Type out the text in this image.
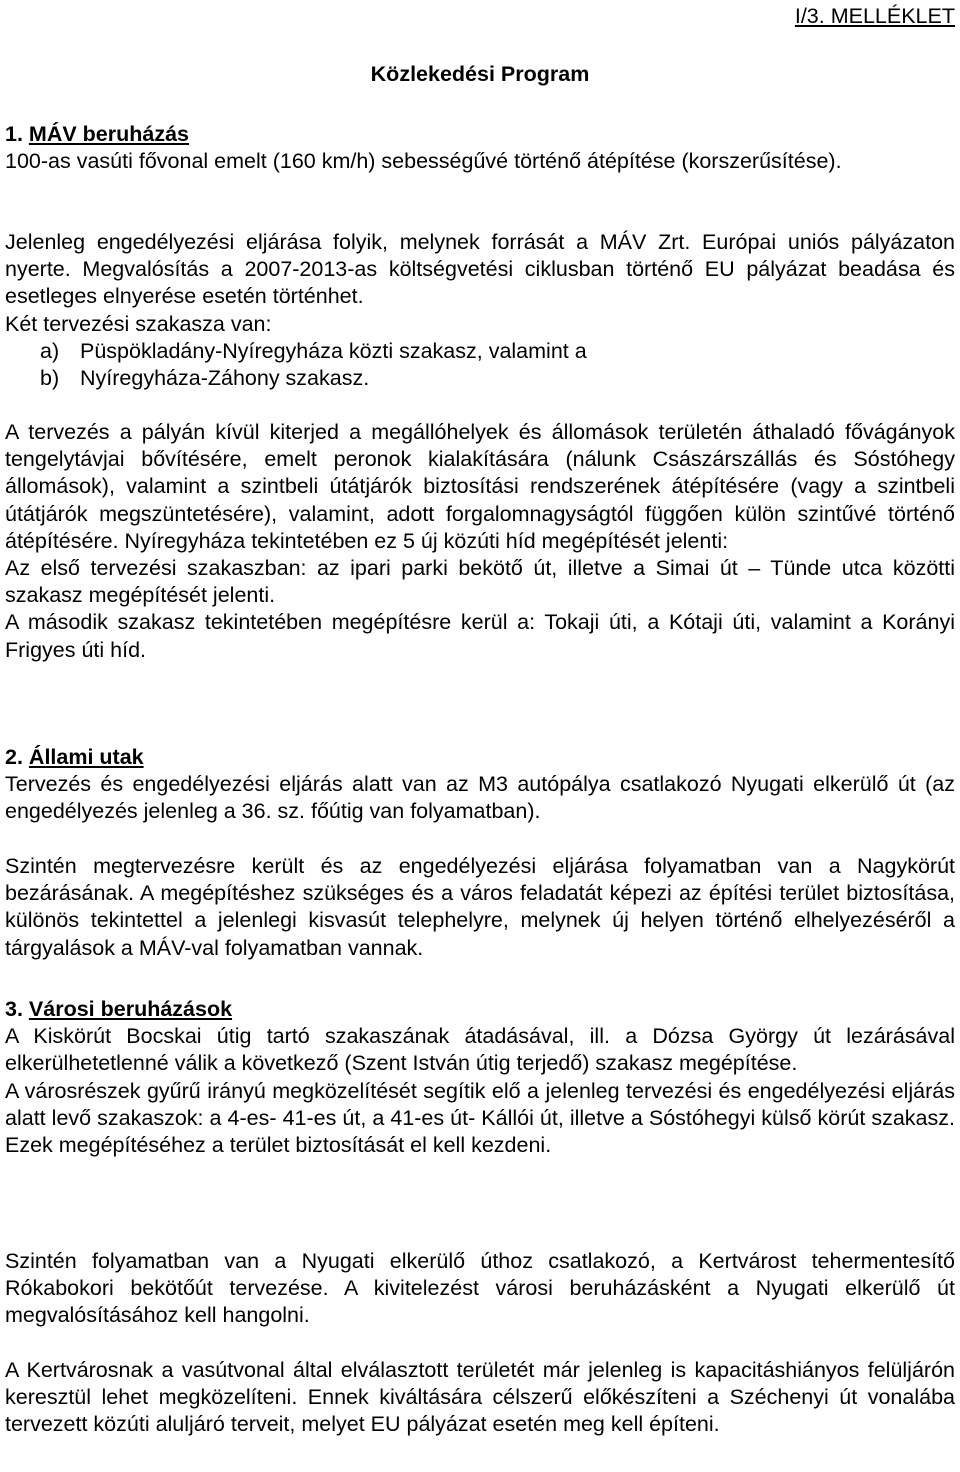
I/3. MELLÉKLET
Közlekedési Program

1. MÁV beruházás

100-as vasúti fővonal emelt (160 km/h) sebességűvé történő átépítése (korszerűsítése).

Jelenleg engedélyezési eljárása folyik, melynek forrását a MÁV Zrt. Európai uniós pályázaton nyerte. Megvalósítás a 2007-2013-as költségvetési ciklusban történő EU pályázat beadása és esetleges elnyerése esetén történhet.

Két tervezési szakasza van:

a) Püspökladány-Nyíregyháza közti szakasz, valamint a

b) Nyíregyháza-Záhony szakasz.

A tervezés a pályán kívül kiterjed a megállóhelyek és állomások területén áthaladó fővágányok tengelytávjai bővítésére, emelt peronok kialakítására (nálunk Császárszállás és Sóstóhegy állomások), valamint a szintbeli útátjárók biztosítási rendszerének átépítésére (vagy a szintbeli útátjárók megszüntetésére), valamint, adott forgalomnagyságtól függően külön szintűvé történő átépítésére. Nyíregyháza tekintetében ez 5 új közúti híd megépítését jelenti:

Az első tervezési szakaszban: az ipari parki bekötő út, illetve a Simai út – Tünde utca közötti szakasz megépítését jelenti.

A második szakasz tekintetében megépítésre kerül a: Tokaji úti, a Kótaji úti, valamint a Korányi Frigyes úti híd.

2. Állami utak

Tervezés és engedélyezési eljárás alatt van az M3 autópálya csatlakozó Nyugati elkerülő út (az engedélyezés jelenleg a 36. sz. főútig van folyamatban).

Szintén megtervezésre került és az engedélyezési eljárása folyamatban van a Nagykörút bezárásának. A megépítéshez szükséges és a város feladatát képezi az építési terület biztosítása, különös tekintettel a jelenlegi kisvasút telephelyre, melynek új helyen történő elhelyezéséről a tárgyalások a MÁV-val folyamatban vannak.

3. Városi beruházások

A Kiskörút Bocskai útig tartó szakaszának átadásával, ill. a Dózsa György út lezárásával elkerülhetetlenné válik a következő (Szent István útig terjedő) szakasz megépítése.

A városrészek gyűrű irányú megközelítését segítik elő a jelenleg tervezési és engedélyezési eljárás alatt levő szakaszok: a 4-es- 41-es út, a 41-es út- Kállói út, illetve a Sóstóhegyi külső körút szakasz. Ezek megépítéséhez a terület biztosítását el kell kezdeni.

Szintén folyamatban van a Nyugati elkerülő úthoz csatlakozó, a Kertvárost tehermentesítő Rókabokori bekötőút tervezése. A kivitelezést városi beruházásként a Nyugati elkerülő út megvalósításához kell hangolni.

A Kertvárosnak a vasútvonal által elválasztott területét már jelenleg is kapacitáshiányos felüljárón keresztül lehet megközelíteni. Ennek kiváltására célszerű előkészíteni a Széchenyi út vonalába tervezett közúti aluljáró terveit, melyet EU pályázat esetén meg kell építeni.
